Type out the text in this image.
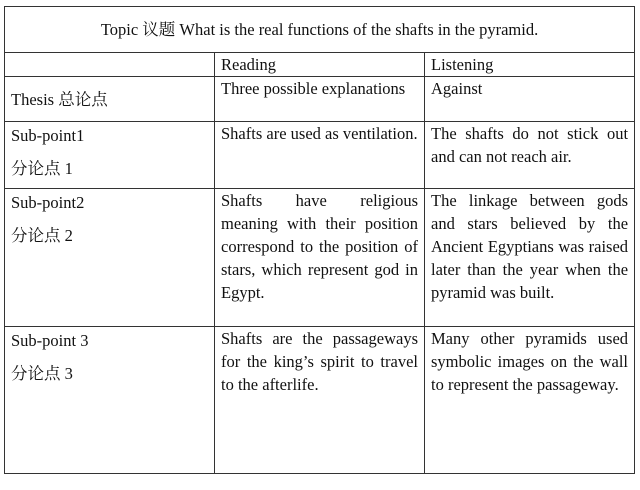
Topic 议题 What is the real functions of the shafts in the pyramid.		
	Reading	Listening

Thesis 总论点	Three possible explanations	Against

Sub-point1
分论点 1	Shafts are used as ventilation.	The shafts do not stick out and can not reach air.

Sub-point2
分论点 2	Shafts have religious meaning with their position correspond to the position of stars, which represent god in Egypt.	The linkage between gods and stars believed by the Ancient Egyptians was raised later than the year when the pyramid was built.

Sub-point 3
分论点 3	Shafts are the passageways for the king’s spirit to travel to the afterlife.	Many other pyramids used symbolic images on the wall to represent the passageway.
